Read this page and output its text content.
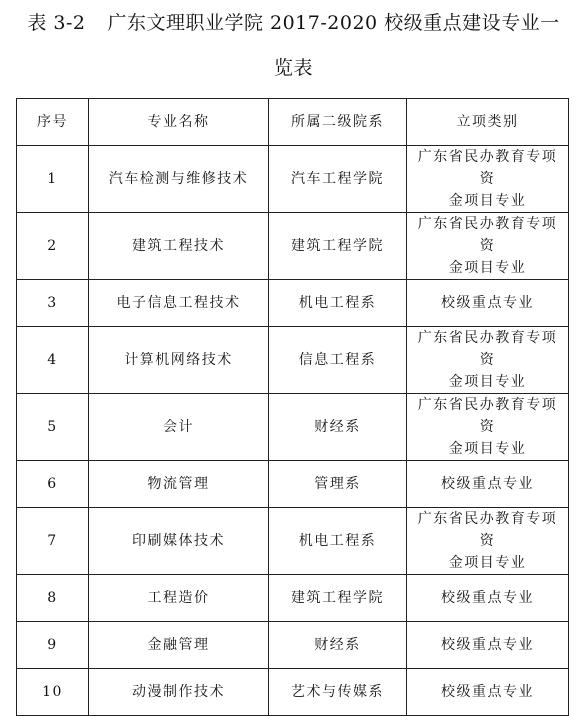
表 3-2 广东文理职业学院 2017-2020 校级重点建设专业一
览表
序号	专业名称	所属二级院系	立项类别
1	汽车检测与维修技术	汽车工程学院	广东省民办教育专项资
金项目专业

2	建筑工程技术	建筑工程学院	广东省民办教育专项资
金项目专业

3	电子信息工程技术	机电工程系	校级重点专业

4	计算机网络技术	信息工程系	广东省民办教育专项资
金项目专业

5	会计	财经系	广东省民办教育专项资
金项目专业

6	物流管理	管理系	校级重点专业

7	印刷媒体技术	机电工程系	广东省民办教育专项资
金项目专业

8	工程造价	建筑工程学院	校级重点专业

9	金融管理	财经系	校级重点专业

10	动漫制作技术	艺术与传媒系	校级重点专业
